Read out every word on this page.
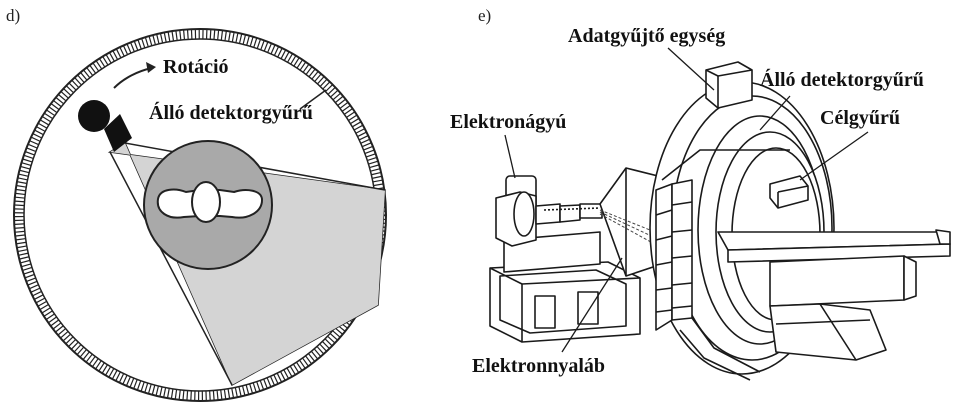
d)
Rotáció
Álló detektorgyűrű
e)
Adatgyűjtő egység
Álló detektorgyűrű
Elektronágyú	Célgyűrű
Elektronnyaláb
